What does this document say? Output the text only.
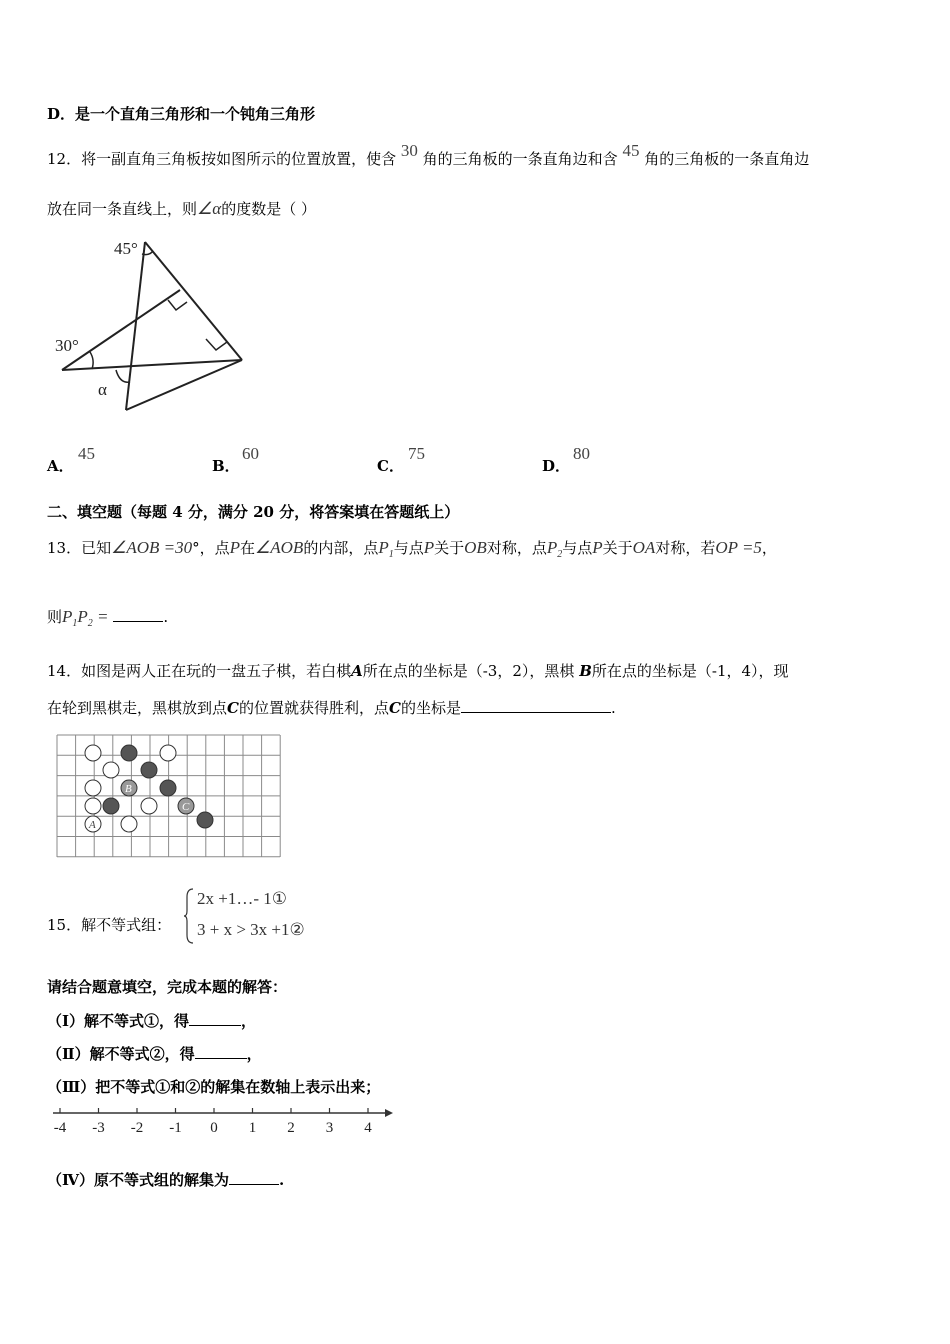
D．是一个直角三角形和一个钝角三角形
12．将一副直角三角板按如图所示的位置放置，使含 30 角的三角板的一条直角边和含 45 角的三角板的一条直角边
放在同一条直线上，则∠α的度数是（ ）
45°
30°
α
A．
45
B．
60
C．
75
D．
80
二、填空题（每题 4 分，满分 20 分，将答案填在答题纸上）
13．已知∠AOB =30°，点P在∠AOB的内部，点$P_1$与点P关于OB对称，点$P_2$与点P关于OA对称，若OP =5，
则$P_1P_2$ =	.
14．如图是两人正在玩的一盘五子棋，若白棋A所在点的坐标是（-3，2），黑棋 B所在点的坐标是（-1，4），现
在轮到黑棋走，黑棋放到点C的位置就获得胜利，点C的坐标是	.
B
C
A
15．解不等式组：
2x +1…- 1①
3 + x > 3x +1②
请结合题意填空，完成本题的解答：
（Ⅰ）解不等式①，得	，
（Ⅱ）解不等式②，得	，
（Ⅲ）把不等式①和②的解集在数轴上表示出来；
-4 -3 -2 -1 0 1 2 3 4
（Ⅳ）原不等式组的解集为	.
